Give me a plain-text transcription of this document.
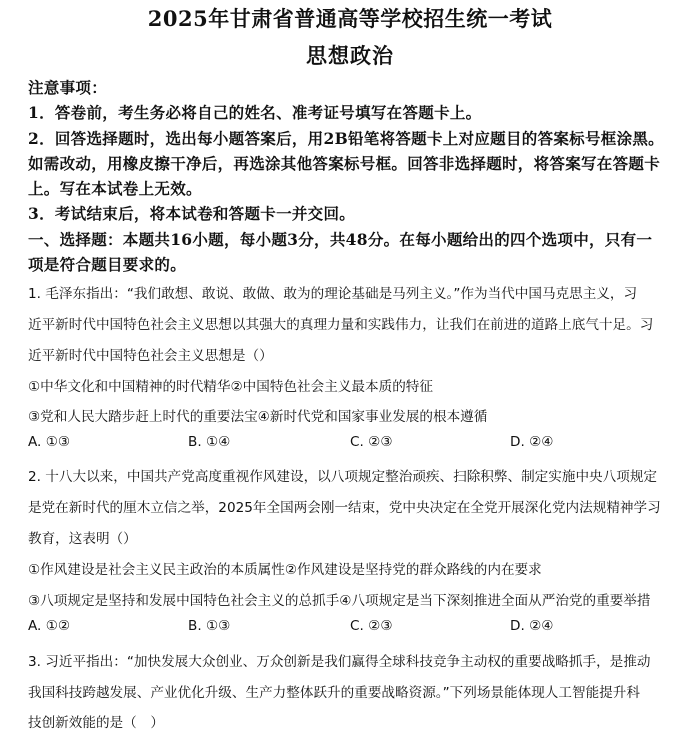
2025年甘肃省普通高等学校招生统一考试
思想政治
注意事项：
1．答卷前，考生务必将自己的姓名、准考证号填写在答题卡上。
2．回答选择题时，选出每小题答案后，用2B铅笔将答题卡上对应题目的答案标号框涂黑。
如需改动，用橡皮擦干净后，再选涂其他答案标号框。回答非选择题时，将答案写在答题卡
上。写在本试卷上无效。
3．考试结束后，将本试卷和答题卡一并交回。
一、选择题：本题共16小题，每小题3分，共48分。在每小题给出的四个选项中，只有一
项是符合题目要求的。
1. 毛泽东指出：“我们敢想、敢说、敢做、敢为的理论基础是马列主义。”作为当代中国马克思主义，习
近平新时代中国特色社会主义思想以其强大的真理力量和实践伟力，让我们在前进的道路上底气十足。习
近平新时代中国特色社会主义思想是（）
①中华文化和中国精神的时代精华②中国特色社会主义最本质的特征
③党和人民大踏步赶上时代的重要法宝④新时代党和国家事业发展的根本遵循
A. ①③	B. ①④	C. ②③	D. ②④
2. 十八大以来，中国共产党高度重视作风建设，以八项规定整治顽疾、扫除积弊、制定实施中央八项规定
是党在新时代的厘木立信之举，2025年全国两会刚一结束，党中央决定在全党开展深化党内法规精神学习
教育，这表明（）
①作风建设是社会主义民主政治的本质属性②作风建设是坚持党的群众路线的内在要求
③八项规定是坚持和发展中国特色社会主义的总抓手④八项规定是当下深刻推进全面从严治党的重要举措
A. ①②	B. ①③	C. ②③	D. ②④
3. 习近平指出：“加快发展大众创业、万众创新是我们赢得全球科技竞争主动权的重要战略抓手，是推动
我国科技跨越发展、产业优化升级、生产力整体跃升的重要战略资源。”下列场景能体现人工智能提升科
技创新效能的是（　）
